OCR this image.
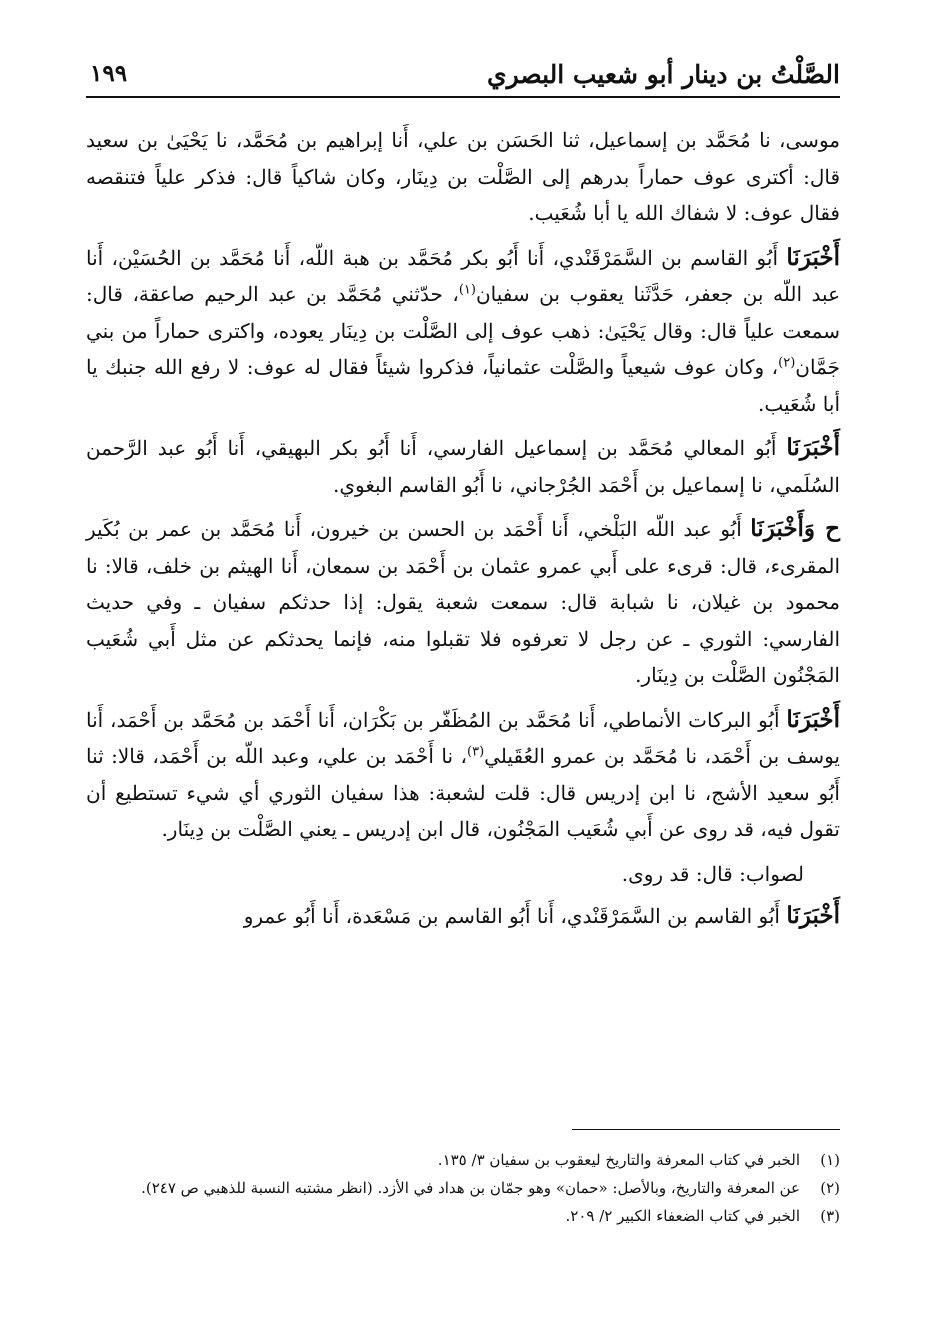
الصَّلْتُ بن دينار أبو شعيب البصري
١٩٩

موسى، نا مُحَمَّد بن إسماعيل، ثنا الحَسَن بن علي، أَنا إبراهيم بن مُحَمَّد، نا يَحْيَىٰ بن سعيد قال: أكترى عوف حماراً بدرهم إلى الصَّلْت بن دِينَار، وكان شاكياً قال: فذكر علياً فتنقصه فقال عوف: لا شفاك الله يا أبا شُعَيب.

أَخْبَرَنَا أَبُو القاسم بن السَّمَرْقَنْدي، أَنا أَبُو بكر مُحَمَّد بن هبة اللّه، أَنا مُحَمَّد بن الحُسَيْن، أَنا عبد اللّه بن جعفر، حَدَّثَنا يعقوب بن سفيان$^{(١)}$، حدّثني مُحَمَّد بن عبد الرحيم صاعقة، قال: سمعت علياً قال: وقال يَحْيَىٰ: ذهب عوف إلى الصَّلْت بن دِينَار يعوده، واكترى حماراً من بني جَمَّان$^{(٢)}$، وكان عوف شيعياً والصَّلْت عثمانياً، فذكروا شيئاً فقال له عوف: لا رفع الله جنبك يا أبا شُعَيب.

أَخْبَرَنَا أَبُو المعالي مُحَمَّد بن إسماعيل الفارسي، أَنا أَبُو بكر البهيقي، أَنا أَبُو عبد الرَّحمن السُلَمي، نا إسماعيل بن أَحْمَد الجُرْجاني، نا أَبُو القاسم البغوي.

ح وَأَخْبَرَنَا أَبُو عبد اللّه البَلْخي، أَنا أَحْمَد بن الحسن بن خيرون، أَنا مُحَمَّد بن عمر بن بُكَير المقرىء، قال: قرىء على أَبي عمرو عثمان بن أَحْمَد بن سمعان، أَنا الهيثم بن خلف، قالا: نا محمود بن غيلان، نا شبابة قال: سمعت شعبة يقول: إذا حدثكم سفيان ـ وفي حديث الفارسي: الثوري ـ عن رجل لا تعرفوه فلا تقبلوا منه، فإنما يحدثكم عن مثل أَبي شُعَيب المَجْنُون الصَّلْت بن دِينَار.

أَخْبَرَنَا أَبُو البركات الأنماطي، أَنا مُحَمَّد بن المُظَفّر بن بَكْرَان، أَنا أَحْمَد بن مُحَمَّد بن أَحْمَد، أَنا يوسف بن أَحْمَد، نا مُحَمَّد بن عمرو العُقَيلي$^{(٣)}$، نا أَحْمَد بن علي، وعبد اللّه بن أَحْمَد، قالا: ثنا أَبُو سعيد الأشج، نا ابن إدريس قال: قلت لشعبة: هذا سفيان الثوري أي شيء تستطيع أن تقول فيه، قد روى عن أَبي شُعَيب المَجْنُون، قال ابن إدريس ـ يعني الصَّلْت بن دِينَار.

لصواب: قال: قد روى.

أَخْبَرَنَا أَبُو القاسم بن السَّمَرْقَنْدي، أَنا أَبُو القاسم بن مَسْعَدة، أَنا أَبُو عمرو

(١)
الخبر في كتاب المعرفة والتاريخ ليعقوب بن سفيان ٣/ ١٣٥.
(٢)
عن المعرفة والتاريخ، وبالأصل: «حمان» وهو جمّان بن هداد في الأزد. (انظر مشتبه النسبة للذهبي ص ٢٤٧).
(٣)
الخبر في كتاب الضعفاء الكبير ٢/ ٢٠٩.
